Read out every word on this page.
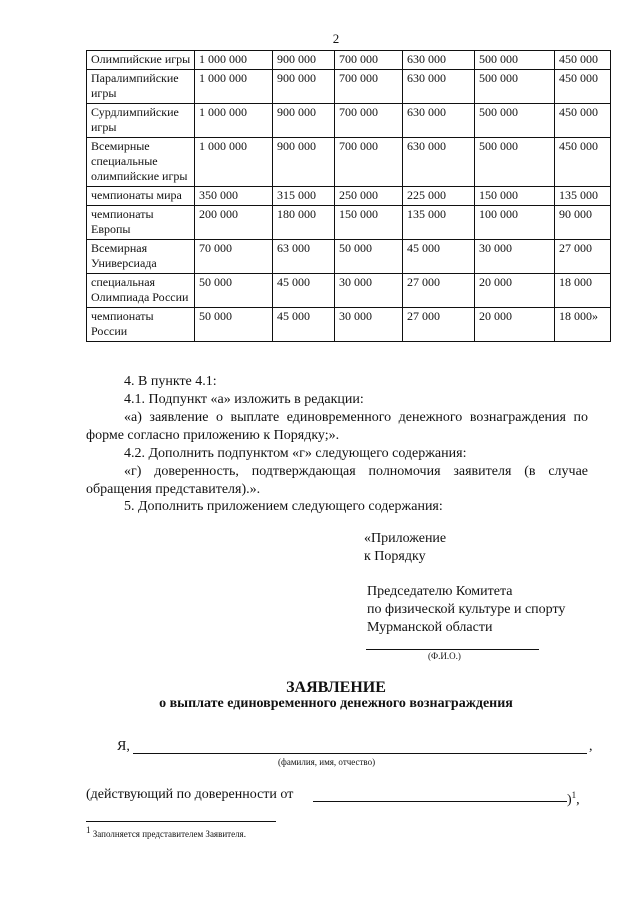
2
Олимпийские игры	1 000 000	900 000	700 000	630 000	500 000	450 000
Паралимпийские игры	1 000 000	900 000	700 000	630 000	500 000	450 000
Сурдлимпийские игры	1 000 000	900 000	700 000	630 000	500 000	450 000
Всемирные специальные олимпийские игры	1 000 000	900 000	700 000	630 000	500 000	450 000
чемпионаты мира	350 000	315 000	250 000	225 000	150 000	135 000
чемпионаты Европы	200 000	180 000	150 000	135 000	100 000	90 000
Всемирная Универсиада	70 000	63 000	50 000	45 000	30 000	27 000
специальная Олимпиада России	50 000	45 000	30 000	27 000	20 000	18 000
чемпионаты России	50 000	45 000	30 000	27 000	20 000	18 000»
4. В пункте 4.1:
4.1. Подпункт «а» изложить в редакции:
«а) заявление о выплате единовременного денежного вознаграждения по форме согласно приложению к Порядку;».
4.2. Дополнить подпунктом «г» следующего содержания:
«г) доверенность, подтверждающая полномочия заявителя (в случае обращения представителя).».
5. Дополнить приложением следующего содержания:
«Приложение
к Порядку
Председателю Комитета
по физической культуре и спорту
Мурманской области
(Ф.И.О.)
ЗАЯВЛЕНИЕ
о выплате единовременного денежного вознаграждения
Я,	,
(фамилия, имя, отчество)
(действующий по доверенности от	)$^1$,
$^1$ Заполняется представителем Заявителя.
